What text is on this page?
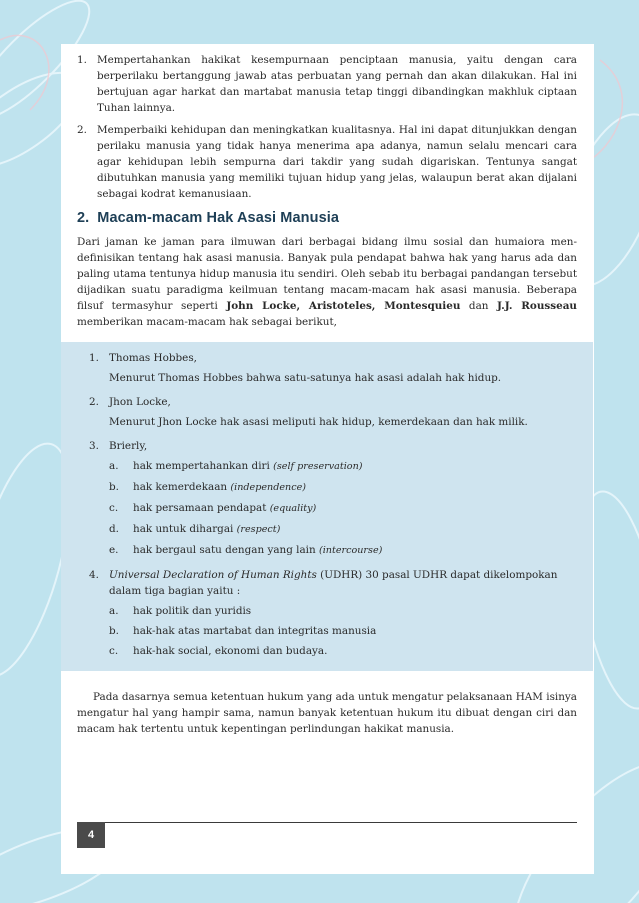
1. Mempertahankan hakikat kesempurnaan penciptaan manusia, yaitu dengan cara berperilaku bertanggung jawab atas perbuatan yang pernah dan akan dilakukan. Hal ini bertujuan agar harkat dan martabat manusia tetap tinggi dibandingkan makhluk ciptaan Tuhan lainnya.

2. Memperbaiki kehidupan dan meningkatkan kualitasnya. Hal ini dapat ditunjukkan dengan perilaku manusia yang tidak hanya menerima apa adanya, namun selalu mencari cara agar kehidupan lebih sempurna dari takdir yang sudah digariskan. Tentunya sangat dibutuhkan manusia yang memiliki tujuan hidup yang jelas, walaupun berat akan dijalani sebagai kodrat kemanusiaan.

2. Macam-macam Hak Asasi Manusia

Dari jaman ke jaman para ilmuwan dari berbagai bidang ilmu sosial dan humaiora men-definisikan tentang hak asasi manusia. Banyak pula pendapat bahwa hak yang harus ada dan paling utama tentunya hidup manusia itu sendiri. Oleh sebab itu berbagai pandangan tersebut dijadikan suatu paradigma keilmuan tentang macam-macam hak asasi manusia. Beberapa filsuf termasyhur seperti John Locke, Aristoteles, Montesquieu dan J.J. Rousseau memberikan macam-macam hak sebagai berikut,

1. Thomas Hobbes,
Menurut Thomas Hobbes bahwa satu-satunya hak asasi adalah hak hidup.
2. Jhon Locke,
Menurut Jhon Locke hak asasi meliputi hak hidup, kemerdekaan dan hak milik.
3. Brierly,
a. hak mempertahankan diri (self preservation)
b. hak kemerdekaan (independence)
c. hak persamaan pendapat (equality)
d. hak untuk dihargai (respect)
e. hak bergaul satu dengan yang lain (intercourse)
4. Universal Declaration of Human Rights (UDHR) 30 pasal UDHR dapat dikelompokan dalam tiga bagian yaitu :
a. hak politik dan yuridis
b. hak-hak atas martabat dan integritas manusia
c. hak-hak social, ekonomi dan budaya.

Pada dasarnya semua ketentuan hukum yang ada untuk mengatur pelaksanaan HAM isinya mengatur hal yang hampir sama, namun banyak ketentuan hukum itu dibuat dengan ciri dan macam hak tertentu untuk kepentingan perlindungan hakikat manusia.

4
